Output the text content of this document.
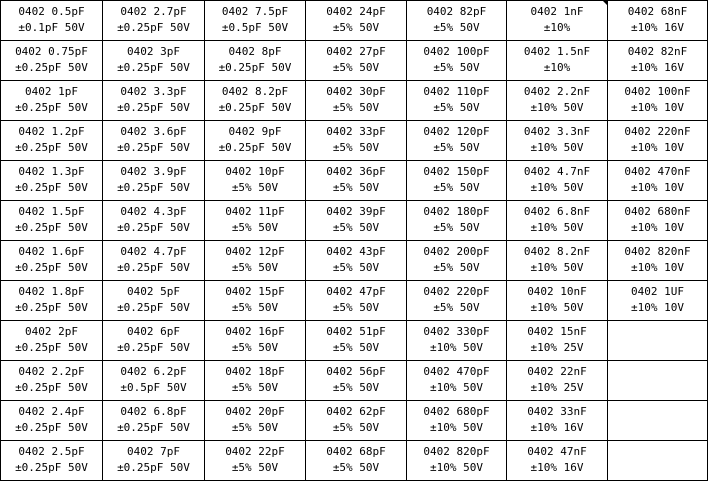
0402 0.5pF
±0.1pF 50V
0402 0.75pF
±0.25pF 50V
0402 1pF
±0.25pF 50V
0402 1.2pF
±0.25pF 50V
0402 1.3pF
±0.25pF 50V
0402 1.5pF
±0.25pF 50V
0402 1.6pF
±0.25pF 50V
0402 1.8pF
±0.25pF 50V
0402 2pF
±0.25pF 50V
0402 2.2pF
±0.25pF 50V
0402 2.4pF
±0.25pF 50V
0402 2.5pF
±0.25pF 50V
0402 2.7pF
±0.25pF 50V
0402 3pF
±0.25pF 50V
0402 3.3pF
±0.25pF 50V
0402 3.6pF
±0.25pF 50V
0402 3.9pF
±0.25pF 50V
0402 4.3pF
±0.25pF 50V
0402 4.7pF
±0.25pF 50V
0402 5pF
±0.25pF 50V
0402 6pF
±0.25pF 50V
0402 6.2pF
±0.5pF 50V
0402 6.8pF
±0.25pF 50V
0402 7pF
±0.25pF 50V
0402 7.5pF
±0.5pF 50V
0402 8pF
±0.25pF 50V
0402 8.2pF
±0.25pF 50V
0402 9pF
±0.25pF 50V
0402 10pF
±5% 50V
0402 11pF
±5% 50V
0402 12pF
±5% 50V
0402 15pF
±5% 50V
0402 16pF
±5% 50V
0402 18pF
±5% 50V
0402 20pF
±5% 50V
0402 22pF
±5% 50V
0402 24pF
±5% 50V
0402 27pF
±5% 50V
0402 30pF
±5% 50V
0402 33pF
±5% 50V
0402 36pF
±5% 50V
0402 39pF
±5% 50V
0402 43pF
±5% 50V
0402 47pF
±5% 50V
0402 51pF
±5% 50V
0402 56pF
±5% 50V
0402 62pF
±5% 50V
0402 68pF
±5% 50V
0402 82pF
±5% 50V
0402 100pF
±5% 50V
0402 110pF
±5% 50V
0402 120pF
±5% 50V
0402 150pF
±5% 50V
0402 180pF
±5% 50V
0402 200pF
±5% 50V
0402 220pF
±5% 50V
0402 330pF
±10% 50V
0402 470pF
±10% 50V
0402 680pF
±10% 50V
0402 820pF
±10% 50V
0402 1nF
±10%
0402 1.5nF
±10%
0402 2.2nF
±10% 50V
0402 3.3nF
±10% 50V
0402 4.7nF
±10% 50V
0402 6.8nF
±10% 50V
0402 8.2nF
±10% 50V
0402 10nF
±10% 50V
0402 15nF
±10% 25V
0402 22nF
±10% 25V
0402 33nF
±10% 16V
0402 47nF
±10% 16V
0402 68nF
±10% 16V
0402 82nF
±10% 16V
0402 100nF
±10% 10V
0402 220nF
±10% 10V
0402 470nF
±10% 10V
0402 680nF
±10% 10V
0402 820nF
±10% 10V
0402 1UF
±10% 10V
